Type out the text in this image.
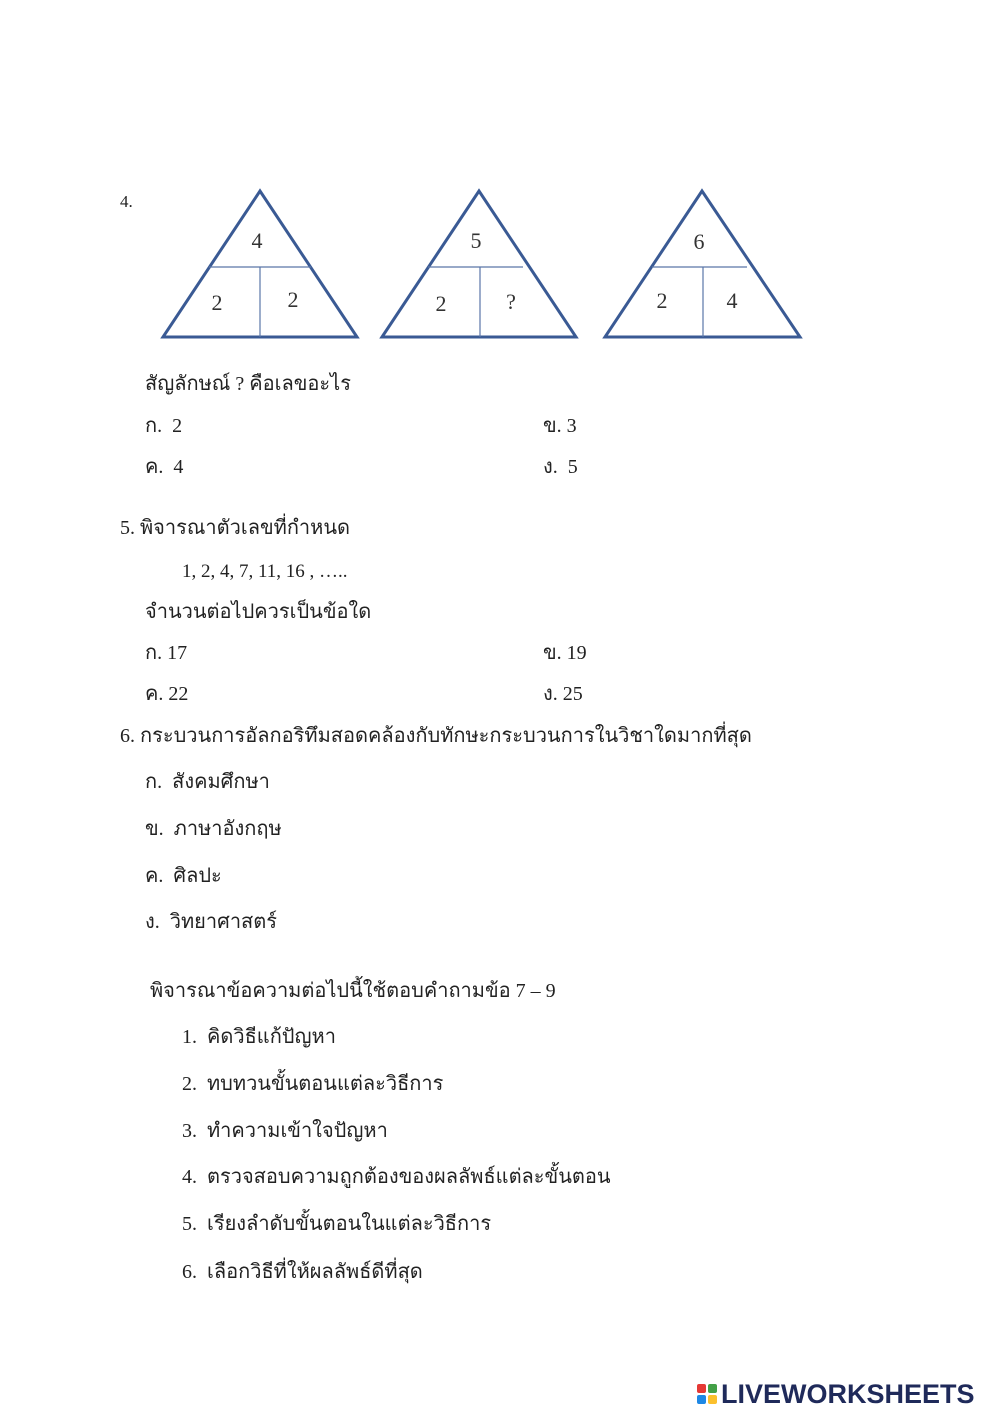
4.
4
2	2
5
2	?
6
2	4
สัญลักษณ์ ? คือเลขอะไร
ก. 2	ข. 3
ค. 4	ง. 5
5. พิจารณาตัวเลขที่กำหนด
1, 2, 4, 7, 11, 16 , …..
จำนวนต่อไปควรเป็นข้อใด
ก. 17	ข. 19
ค. 22	ง. 25
6. กระบวนการอัลกอริทึมสอดคล้องกับทักษะกระบวนการในวิชาใดมากที่สุด
ก. สังคมศึกษา
ข. ภาษาอังกฤษ
ค. ศิลปะ
ง. วิทยาศาสตร์
พิจารณาข้อความต่อไปนี้ใช้ตอบคำถามข้อ 7 – 9
1. คิดวิธีแก้ปัญหา
2. ทบทวนขั้นตอนแต่ละวิธีการ
3. ทำความเข้าใจปัญหา
4. ตรวจสอบความถูกต้องของผลลัพธ์แต่ละขั้นตอน
5. เรียงลำดับขั้นตอนในแต่ละวิธีการ
6. เลือกวิธีที่ให้ผลลัพธ์ดีที่สุด
LIVEWORKSHEETS
